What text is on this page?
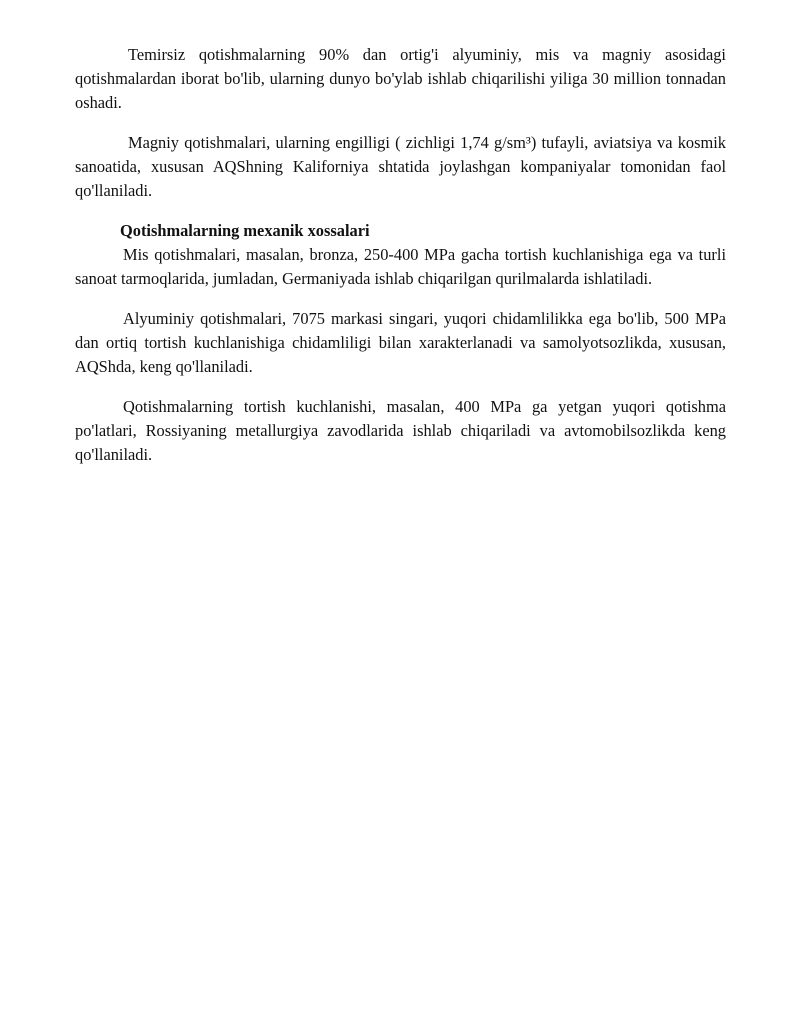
Temirsiz qotishmalarning 90% dan ortig'i alyuminiy, mis va magniy asosidagi qotishmalardan iborat bo'lib, ularning dunyo bo'ylab ishlab chiqarilishi yiliga 30 million tonnadan oshadi.

Magniy qotishmalari, ularning engilligi ( zichligi 1,74 g/sm³) tufayli, aviatsiya va kosmik sanoatida, xususan AQShning Kaliforniya shtatida joylashgan kompaniyalar tomonidan faol qo'llaniladi.

Qotishmalarning mexanik xossalari

Mis qotishmalari, masalan, bronza, 250-400 MPa gacha tortish kuchlanishiga ega va turli sanoat tarmoqlarida, jumladan, Germaniyada ishlab chiqarilgan qurilmalarda ishlatiladi.

Alyuminiy qotishmalari, 7075 markasi singari, yuqori chidamlilikka ega bo'lib, 500 MPa dan ortiq tortish kuchlanishiga chidamliligi bilan xarakterlanadi va samolyotsozlikda, xususan, AQShda, keng qo'llaniladi.

Qotishmalarning tortish kuchlanishi, masalan, 400 MPa ga yetgan yuqori qotishma po'latlari, Rossiyaning metallurgiya zavodlarida ishlab chiqariladi va avtomobilsozlikda keng qo'llaniladi.
